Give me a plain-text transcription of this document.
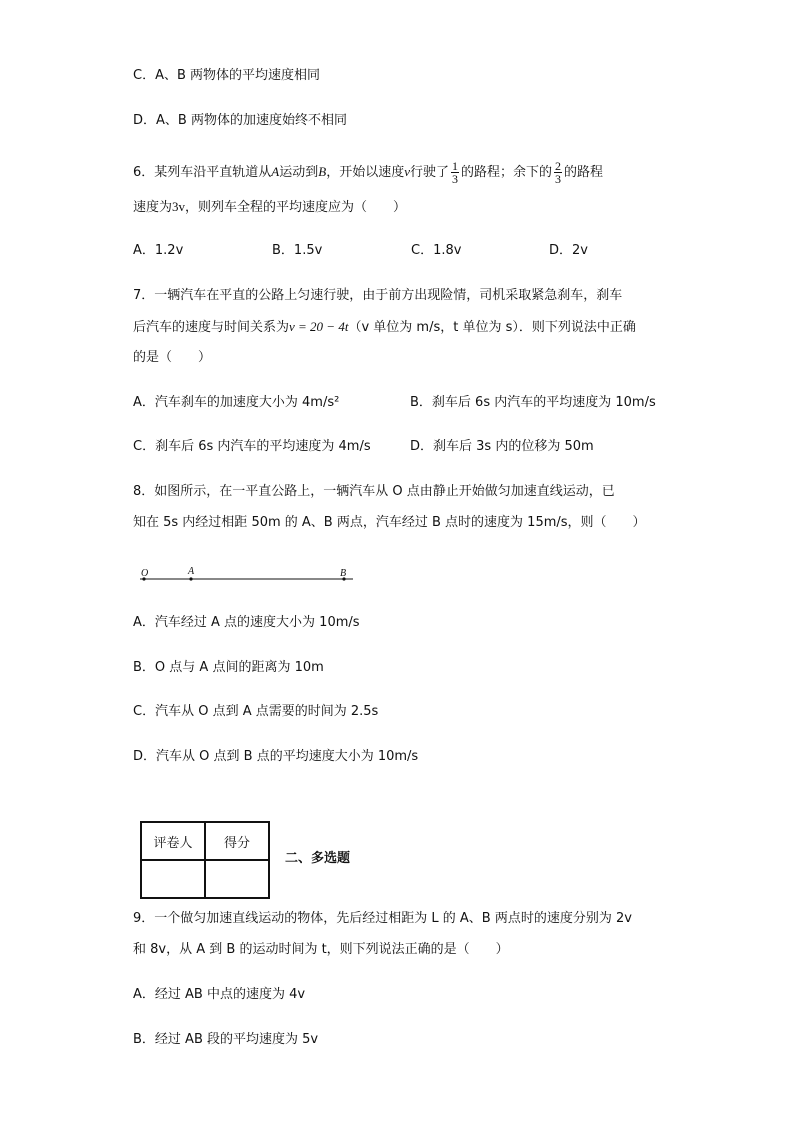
C．A、B 两物体的平均速度相同
D．A、B 两物体的加速度始终不相同
6．某列车沿平直轨道从A运动到B，开始以速度v行驶了 $\frac{1}{3}$ 的路程；余下的 $\frac{2}{3}$ 的路程
速度为3v，则列车全程的平均速度应为（　　）
A．1.2v	B．1.5v	C．1.8v	D．2v
7．一辆汽车在平直的公路上匀速行驶，由于前方出现险情，司机采取紧急刹车，刹车
后汽车的速度与时间关系为v = 20 − 4t（v 单位为 m/s，t 单位为 s）．则下列说法中正确
的是（　　）
A．汽车刹车的加速度大小为 4m/s²	B．刹车后 6s 内汽车的平均速度为 10m/s
C．刹车后 6s 内汽车的平均速度为 4m/s	D．刹车后 3s 内的位移为 50m
8．如图所示，在一平直公路上，一辆汽车从 O 点由静止开始做匀加速直线运动，已
知在 5s 内经过相距 50m 的 A、B 两点，汽车经过 B 点时的速度为 15m/s，则（　　）
O	A	B
A．汽车经过 A 点的速度大小为 10m/s
B．O 点与 A 点间的距离为 10m
C．汽车从 O 点到 A 点需要的时间为 2.5s
D．汽车从 O 点到 B 点的平均速度大小为 10m/s
评卷人	得分

二、多选题
9．一个做匀加速直线运动的物体，先后经过相距为 L 的 A、B 两点时的速度分别为 2v
和 8v，从 A 到 B 的运动时间为 t，则下列说法正确的是（　　）
A．经过 AB 中点的速度为 4v
B．经过 AB 段的平均速度为 5v
